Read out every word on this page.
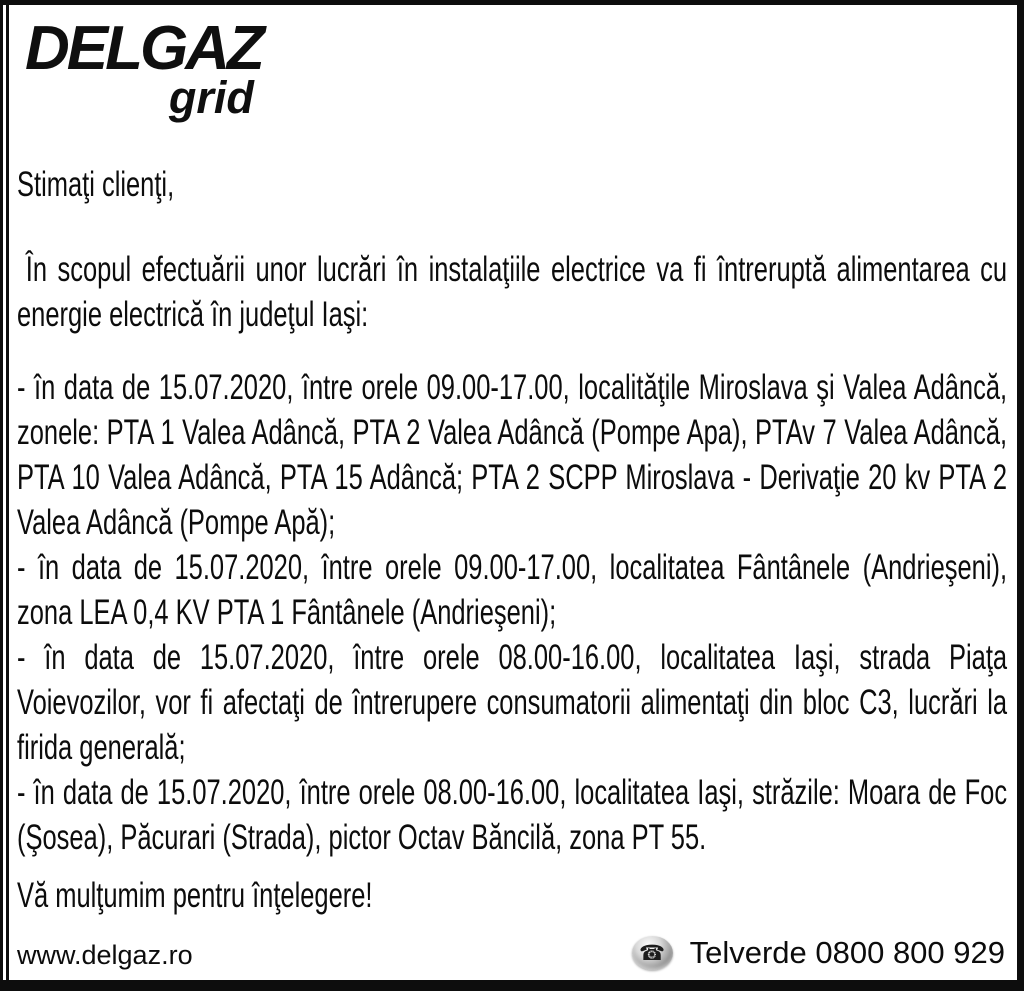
DELGAZ
grid

Stimaţi clienţi,

În scopul efectuării unor lucrări în instalaţiile electrice va fi întreruptă alimentarea cu energie electrică în judeţul Iaşi:

- în data de 15.07.2020, între orele 09.00-17.00, localităţile Miroslava şi Valea Adâncă, zonele: PTA 1 Valea Adâncă, PTA 2 Valea Adâncă (Pompe Apa), PTAv 7 Valea Adâncă, PTA 10 Valea Adâncă, PTA 15 Adâncă; PTA 2 SCPP Miroslava - Derivaţie 20 kv PTA 2 Valea Adâncă (Pompe Apă);

- în data de 15.07.2020, între orele 09.00-17.00, localitatea Fântânele (Andrieşeni), zona LEA 0,4 KV PTA 1 Fântânele (Andrieşeni);

- în data de 15.07.2020, între orele 08.00-16.00, localitatea Iaşi, strada Piaţa Voievozilor, vor fi afectaţi de întrerupere consumatorii alimentaţi din bloc C3, lucrări la firida generală;

- în data de 15.07.2020, între orele 08.00-16.00, localitatea Iaşi, străzile: Moara de Foc (Şosea), Păcurari (Strada), pictor Octav Băncilă, zona PT 55.

Vă mulţumim pentru înţelegere!

www.delgaz.ro	☎ Telverde 0800 800 929
